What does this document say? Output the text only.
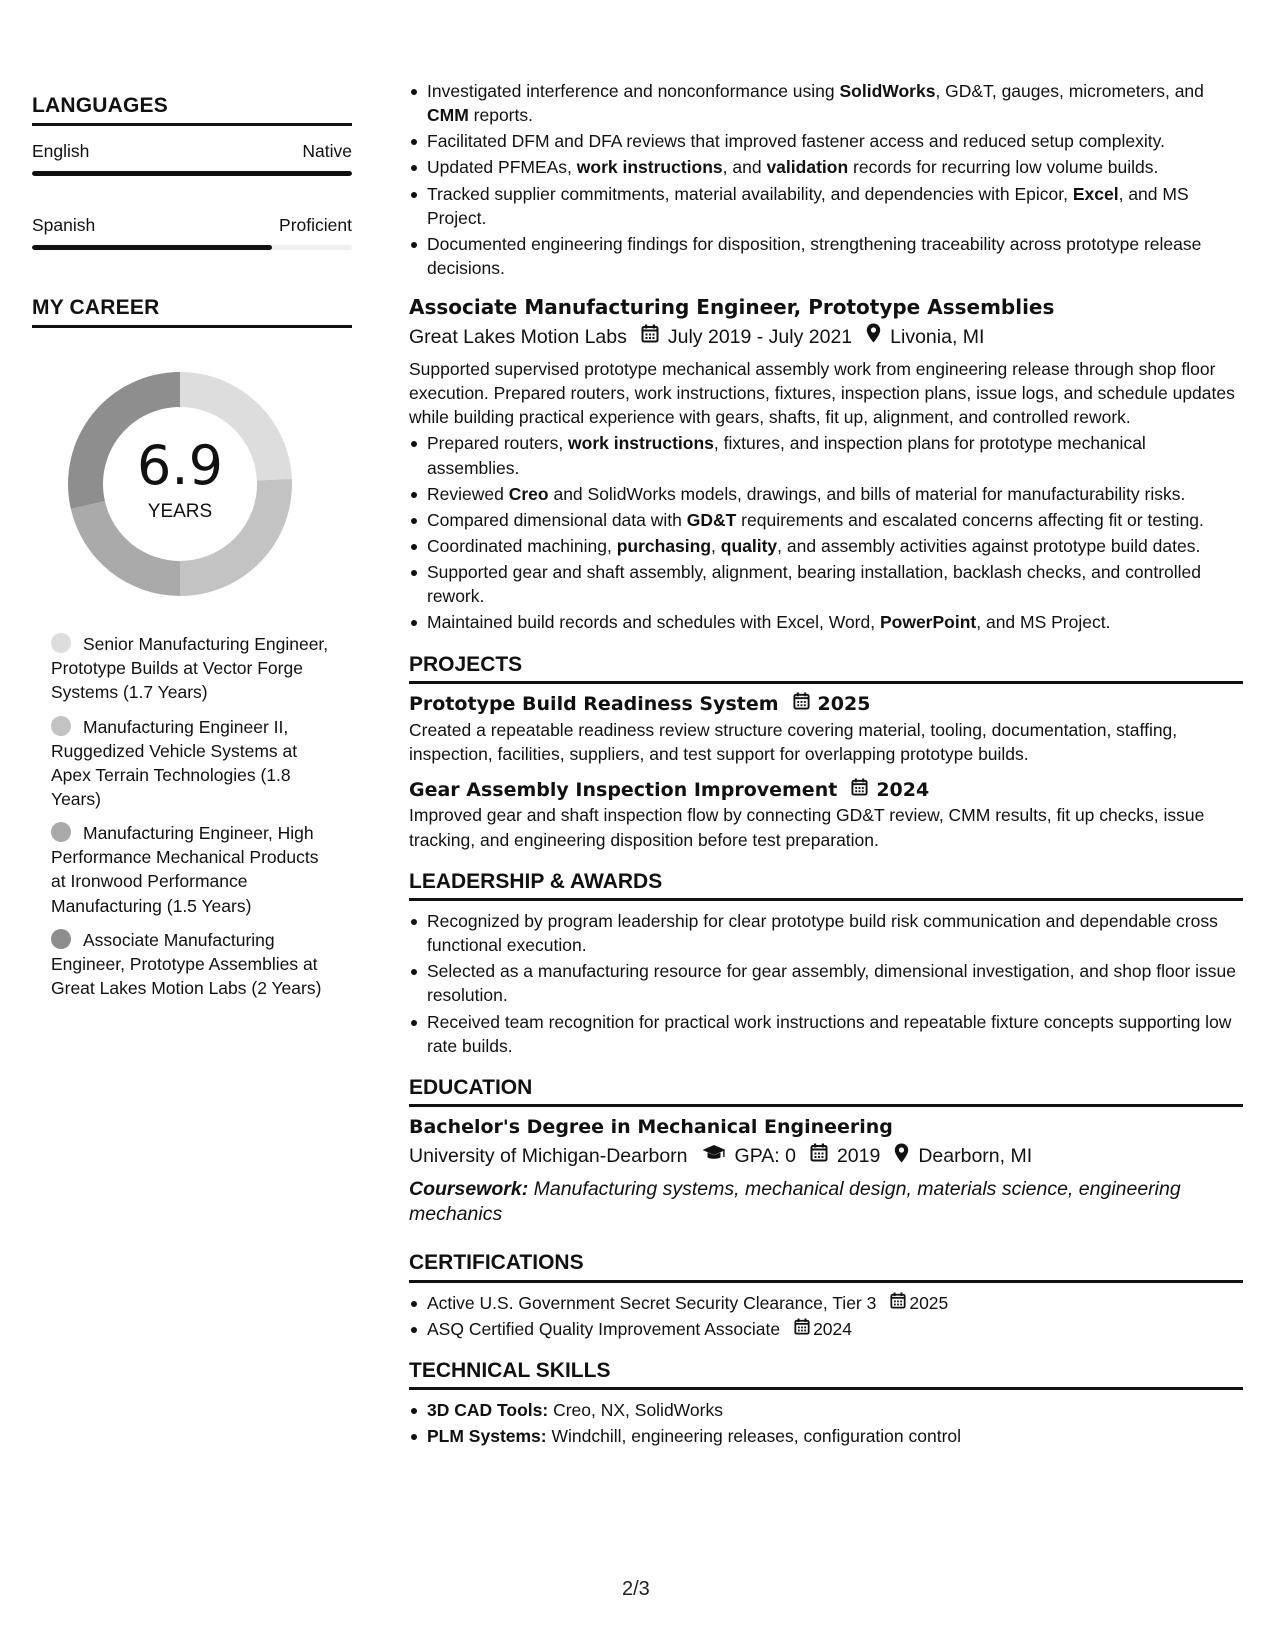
LANGUAGES
English	Native
Spanish	Proficient
MY CAREER
6.9
YEARS
Senior Manufacturing Engineer, Prototype Builds at Vector Forge Systems (1.7 Years)
Manufacturing Engineer II, Ruggedized Vehicle Systems at Apex Terrain Technologies (1.8 Years)
Manufacturing Engineer, High Performance Mechanical Products at Ironwood Performance Manufacturing (1.5 Years)
Associate Manufacturing Engineer, Prototype Assemblies at Great Lakes Motion Labs (2 Years)
Investigated interference and nonconformance using SolidWorks, GD&T, gauges, micrometers, and CMM reports.
Facilitated DFM and DFA reviews that improved fastener access and reduced setup complexity.
Updated PFMEAs, work instructions, and validation records for recurring low volume builds.
Tracked supplier commitments, material availability, and dependencies with Epicor, Excel, and MS Project.
Documented engineering findings for disposition, strengthening traceability across prototype release decisions.
Associate Manufacturing Engineer, Prototype Assemblies
Great Lakes Motion Labs July 2019 - July 2021 Livonia, MI
Supported supervised prototype mechanical assembly work from engineering release through shop floor execution. Prepared routers, work instructions, fixtures, inspection plans, issue logs, and schedule updates while building practical experience with gears, shafts, fit up, alignment, and controlled rework.
Prepared routers, work instructions, fixtures, and inspection plans for prototype mechanical assemblies.
Reviewed Creo and SolidWorks models, drawings, and bills of material for manufacturability risks.
Compared dimensional data with GD&T requirements and escalated concerns affecting fit or testing.
Coordinated machining, purchasing, quality, and assembly activities against prototype build dates.
Supported gear and shaft assembly, alignment, bearing installation, backlash checks, and controlled rework.
Maintained build records and schedules with Excel, Word, PowerPoint, and MS Project.
PROJECTS
Prototype Build Readiness System 2025
Created a repeatable readiness review structure covering material, tooling, documentation, staffing, inspection, facilities, suppliers, and test support for overlapping prototype builds.
Gear Assembly Inspection Improvement 2024
Improved gear and shaft inspection flow by connecting GD&T review, CMM results, fit up checks, issue tracking, and engineering disposition before test preparation.
LEADERSHIP & AWARDS
Recognized by program leadership for clear prototype build risk communication and dependable cross functional execution.
Selected as a manufacturing resource for gear assembly, dimensional investigation, and shop floor issue resolution.
Received team recognition for practical work instructions and repeatable fixture concepts supporting low rate builds.
EDUCATION
Bachelor's Degree in Mechanical Engineering
University of Michigan-Dearborn GPA: 0 2019 Dearborn, MI
Coursework: Manufacturing systems, mechanical design, materials science, engineering mechanics
CERTIFICATIONS
Active U.S. Government Secret Security Clearance, Tier 3 2025
ASQ Certified Quality Improvement Associate 2024
TECHNICAL SKILLS
3D CAD Tools: Creo, NX, SolidWorks
PLM Systems: Windchill, engineering releases, configuration control
2/3
